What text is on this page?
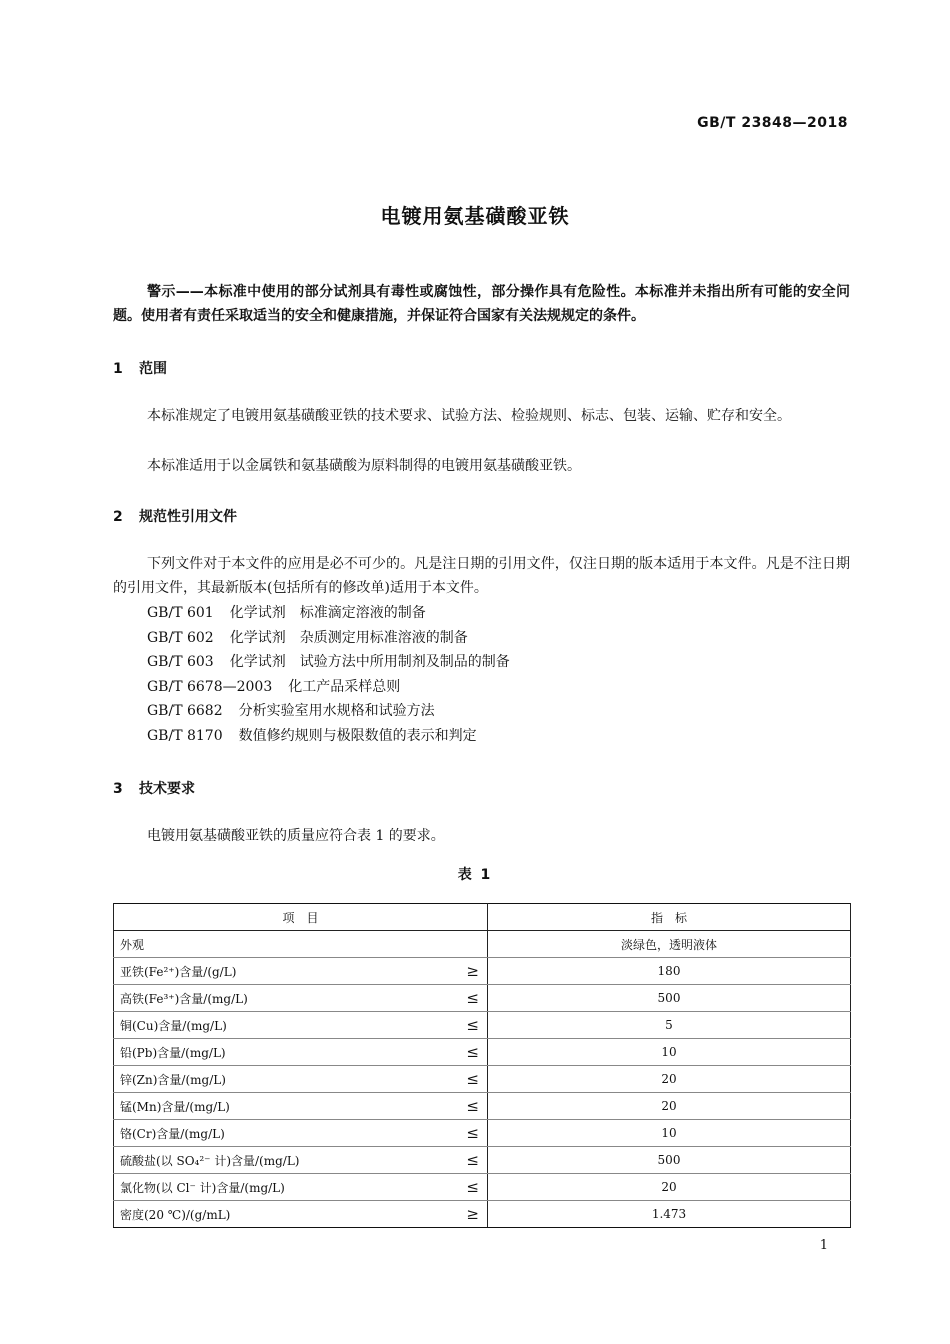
GB/T 23848—2018
电镀用氨基磺酸亚铁
警示——本标准中使用的部分试剂具有毒性或腐蚀性，部分操作具有危险性。本标准并未指出所有可能的安全问题。使用者有责任采取适当的安全和健康措施，并保证符合国家有关法规规定的条件。
1 范围
本标准规定了电镀用氨基磺酸亚铁的技术要求、试验方法、检验规则、标志、包装、运输、贮存和安全。
本标准适用于以金属铁和氨基磺酸为原料制得的电镀用氨基磺酸亚铁。
2 规范性引用文件
下列文件对于本文件的应用是必不可少的。凡是注日期的引用文件，仅注日期的版本适用于本文件。凡是不注日期的引用文件，其最新版本(包括所有的修改单)适用于本文件。
GB/T 601 化学试剂　标准滴定溶液的制备
GB/T 602 化学试剂　杂质测定用标准溶液的制备
GB/T 603 化学试剂　试验方法中所用制剂及制品的制备
GB/T 6678—2003 化工产品采样总则
GB/T 6682 分析实验室用水规格和试验方法
GB/T 8170 数值修约规则与极限数值的表示和判定
3 技术要求
电镀用氨基磺酸亚铁的质量应符合表 1 的要求。
表 1
项　目	指　标
外观	淡绿色，透明液体
亚铁(Fe²⁺)含量/(g/L) ≥	180
高铁(Fe³⁺)含量/(mg/L) ≤	500
铜(Cu)含量/(mg/L) ≤	5
铅(Pb)含量/(mg/L) ≤	10
锌(Zn)含量/(mg/L) ≤	20
锰(Mn)含量/(mg/L) ≤	20
铬(Cr)含量/(mg/L) ≤	10
硫酸盐(以 SO₄²⁻ 计)含量/(mg/L) ≤	500
氯化物(以 Cl⁻ 计)含量/(mg/L) ≤	20
密度(20 ℃)/(g/mL) ≥	1.473
1
